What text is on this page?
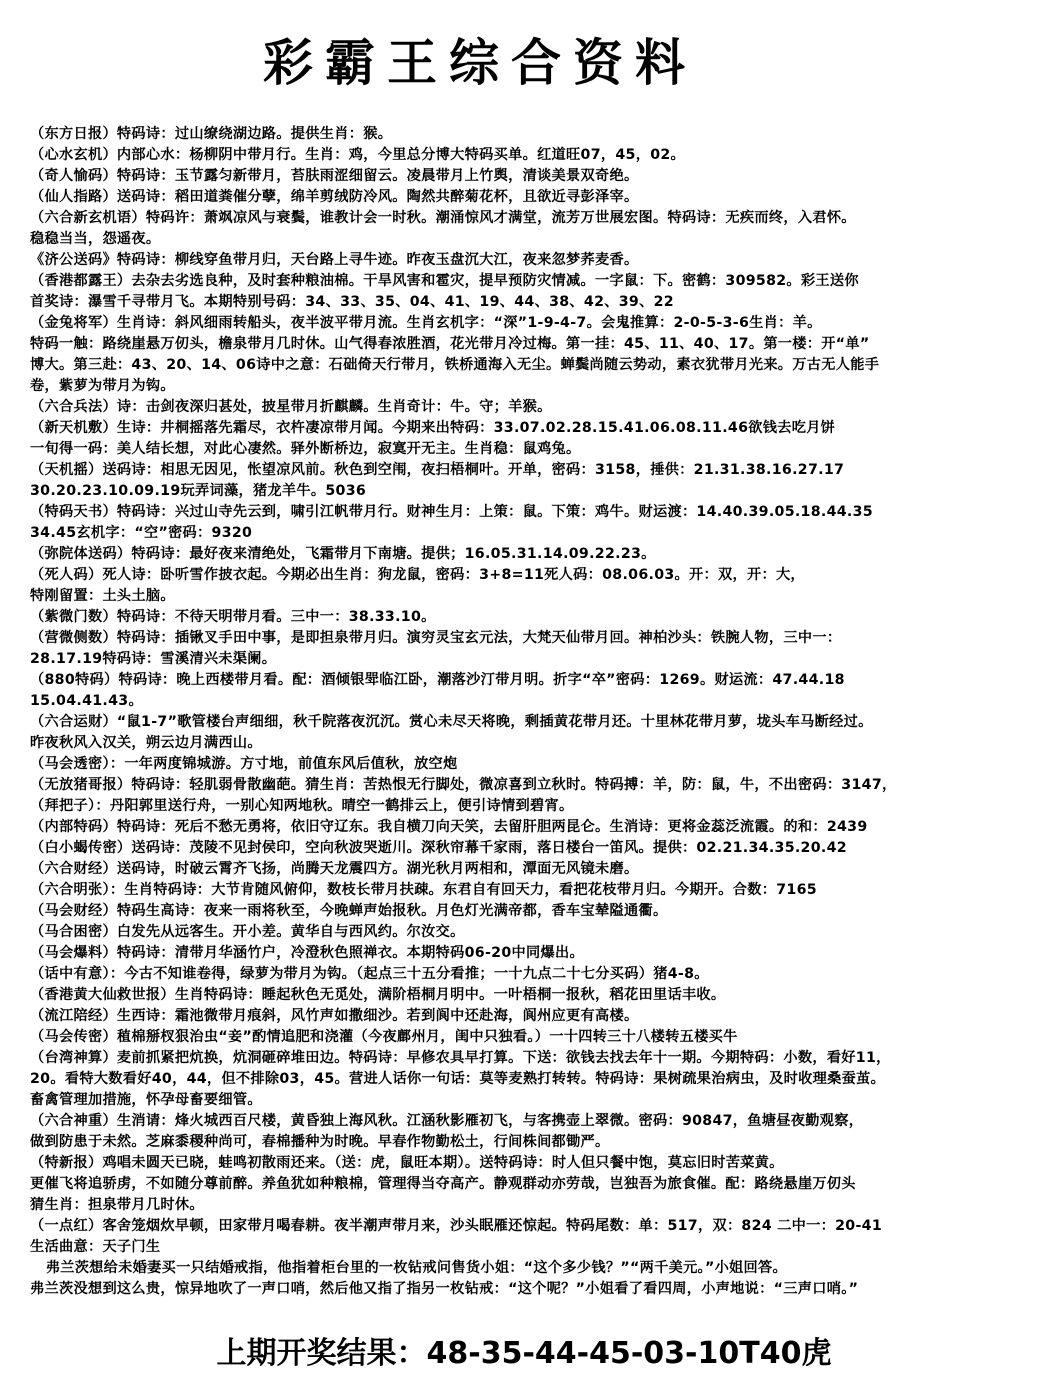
彩霸王综合资料
（东方日报）特码诗：过山缭绕湖边路。提供生肖：猴。
（心水玄机）内部心水：杨柳阴中带月行。生肖：鸡，今里总分博大特码买单。红道旺07，45，02。
（奇人愉码）特码诗：玉节露匀新带月，苔肤雨涩细留云。凌晨带月上竹舆，清谈美景双奇绝。
（仙人指路）送码诗：稻田道粪催分孽，绵羊剪绒防冷风。陶然共醉菊花杯，且欲近寻彭泽宰。
（六合新玄机语）特码许：萧飒凉风与衰鬓，谁教计会一时秋。潮涌惊风才满堂，流芳万世展宏图。特码诗：无疾而终，入君怀。
稳稳当当，怨遥夜。
《济公送码》特码诗：柳线穿鱼带月归，天台路上寻牛迹。昨夜玉盘沉大江，夜来忽梦荞麦香。
（香港都露王）去杂去劣选良种，及时套种粮油棉。干旱风害和雹灾，提早预防灾情减。一字鼠：下。密鹤：309582。彩王送你
首奖诗：瀑雪千寻带月飞。本期特别号码：34、33、35、04、41、19、44、38、42、39、22
（金兔将军）生肖诗：斜风细雨转船头，夜半波平带月流。生肖玄机字：“深”1-9-4-7。会鬼推算：2-0-5-3-6生肖：羊。
特码一触：路绕崖悬万仞头，檐泉带月几时休。山气得春浓胜酒，花光带月冷过梅。第一挂：45、11、40、17。第一楼：开“单”
博大。第三赴：43、20、14、06诗中之意：石础倚天行带月，铁桥通海入无尘。蝉鬓尚随云势动，素衣犹带月光来。万古无人能手
卷，紫萝为带月为钩。
（六合兵法）诗：击剑夜深归甚处，披星带月折麒麟。生肖奇计：牛。守；羊猴。
（新天机敷）生诗：井桐摇落先霜尽，衣杵凄凉带月闻。今期来出特码：33.07.02.28.15.41.06.08.11.46欲钱去吃月饼
一旬得一码：美人结长想，对此心凄然。驿外断桥边，寂寞开无主。生肖稳：鼠鸡兔。
（天机摇）送码诗：相思无因见，怅望凉风前。秋色到空闱，夜扫梧桐叶。开单，密码：3158，捶供：21.31.38.16.27.17
30.20.23.10.09.19玩弄词藻，猪龙羊牛。5036
（特码天书）特码诗：兴过山寺先云到，啸引江帆带月行。财神生月：上策：鼠。下策：鸡牛。财运渡：14.40.39.05.18.44.35
34.45玄机字：“空”密码：9320
（弥院体送码）特码诗：最好夜来清绝处，飞霜带月下南塘。提供；16.05.31.14.09.22.23。
（死人码）死人诗：卧听雪作披衣起。今期必出生肖：狗龙鼠，密码：3+8=11死人码：08.06.03。开：双，开：大，
特刚留置：土头土脑。
（紫微门数）特码诗：不待天明带月看。三中一：38.33.10。
（营微侧数）特码诗：插锹叉手田中事，是即担泉带月归。演穷灵宝玄元法，大梵天仙带月回。神柏沙头：铁腕人物，三中一：
28.17.19特码诗：雪溪清兴未渠阑。
（880特码）特码诗：晚上西楼带月看。配：酒倾银斝临江卧，潮落沙汀带月明。折字“卒”密码：1269。财运流：47.44.18
15.04.41.43。
（六合运财）“鼠1-7”歌管楼台声细细，秋千院落夜沉沉。赏心未尽天将晚，剩插黄花带月还。十里林花带月萝，垅头车马断经过。
昨夜秋风入汉关，朔云边月满西山。
（马会透密）：一年两度锦城游。方寸地，前值东风后值秋，放空炮
（无放猪哥报）特码诗：轻肌弱骨散幽葩。猜生肖：苦热恨无行脚处，微凉喜到立秋时。特码搏：羊，防：鼠，牛，不出密码：3147，
（拜把子）：丹阳郭里送行舟，一别心知两地秋。晴空一鹤排云上，便引诗情到碧宵。
（内部特码）特码诗：死后不愁无勇将，依旧守辽东。我自横刀向天笑，去留肝胆两昆仑。生消诗：更将金蕊泛流霞。的和：2439
（白小蝎传密）送码诗：茂陵不见封侯印，空向秋波哭逝川。深秋帘幕千家雨，落日楼台一笛风。提供：02.21.34.35.20.42
（六合财经）送码诗，时破云霄齐飞扬，尚腾天龙震四方。湖光秋月两相和，潭面无风镜未磨。
（六合明张）：生肖特码诗：大节肯随风俯仰，数枝长带月扶疎。东君自有回天力，看把花枝带月归。今期开。合数：7165
（马会财经）特码生高诗：夜来一雨将秋至，今晚蝉声始报秋。月色灯光满帝都，香车宝辇隘通衢。
（马合困密）白发先从远客生。开小差。黄华自与西风约。尔汝交。
（马会爆料）特码诗：清带月华涵竹户，冷澄秋色照禅衣。本期特码06-20中同爆出。
（话中有意）：今古不知谁卷得，绿萝为带月为钩。（起点三十五分看推；一十九点二十七分买码）猪4-8。
（香港黄大仙救世报）生肖特码诗：睡起秋色无觅处，满阶梧桐月明中。一叶梧桐一报秋，稻花田里话丰收。
（流江陪经）生西诗：霜池微带月痕斜，风竹声如撒细沙。若到阆中还赴海，阆州应更有高楼。
（马会传密）稙棉掰杈狠治虫“妾”酌情追肥和浇灌（今夜鄜州月，闺中只独看。）一十四转三十八楼转五楼买牛
（台湾神算）麦前抓紧把炕换，炕洞砸碎堆田边。特码诗：早修农具早打算。下送：欲钱去找去年十一期。今期特码：小数，看好11，
20。看特大数看好40，44，但不排除03，45。营进人话你一句话：莫等麦熟打转转。特码诗：果树疏果治病虫，及时收理桑蚕茧。
畜禽管理加措施，怀孕母畜要细管。
（六合神重）生消请：烽火城西百尺楼，黄昏独上海风秋。江涵秋影雁初飞，与客携壶上翠微。密码：90847，鱼塘昼夜勤观察，
做到防患于未然。芝麻黍稷种尚可，春棉播种为时晚。早春作物勤松土，行间株间都锄严。
（特新报）鸡唱未圆天已晓，蛙鸣初散雨还来。（送：虎，鼠旺本期）。送特码诗：时人但只餐中饱，莫忘旧时苦菜黄。
更催飞将追骄虏，不如随分尊前醉。养鱼犹如种粮棉，管理得当夺高产。静观群动亦劳哉，岂独吾为旅食催。配：路绕悬崖万仞头
猜生肖：担泉带月几时休。
（一点红）客舍笼烟炊早顿，田家带月喝春耕。夜半潮声带月来，沙头眠雁还惊起。特码尾数：单：517，双：824 二中一：20-41
生活曲意：天子门生
弗兰茨想给未婚妻买一只结婚戒指，他指着柜台里的一枚钻戒问售货小姐：“这个多少钱？”“两千美元。”小姐回答。
弗兰茨没想到这么贵，惊异地吹了一声口哨，然后他又指了指另一枚钻戒：“这个呢？”小姐看了看四周，小声地说：“三声口哨。”
上期开奖结果：48-35-44-45-03-10T40虎
